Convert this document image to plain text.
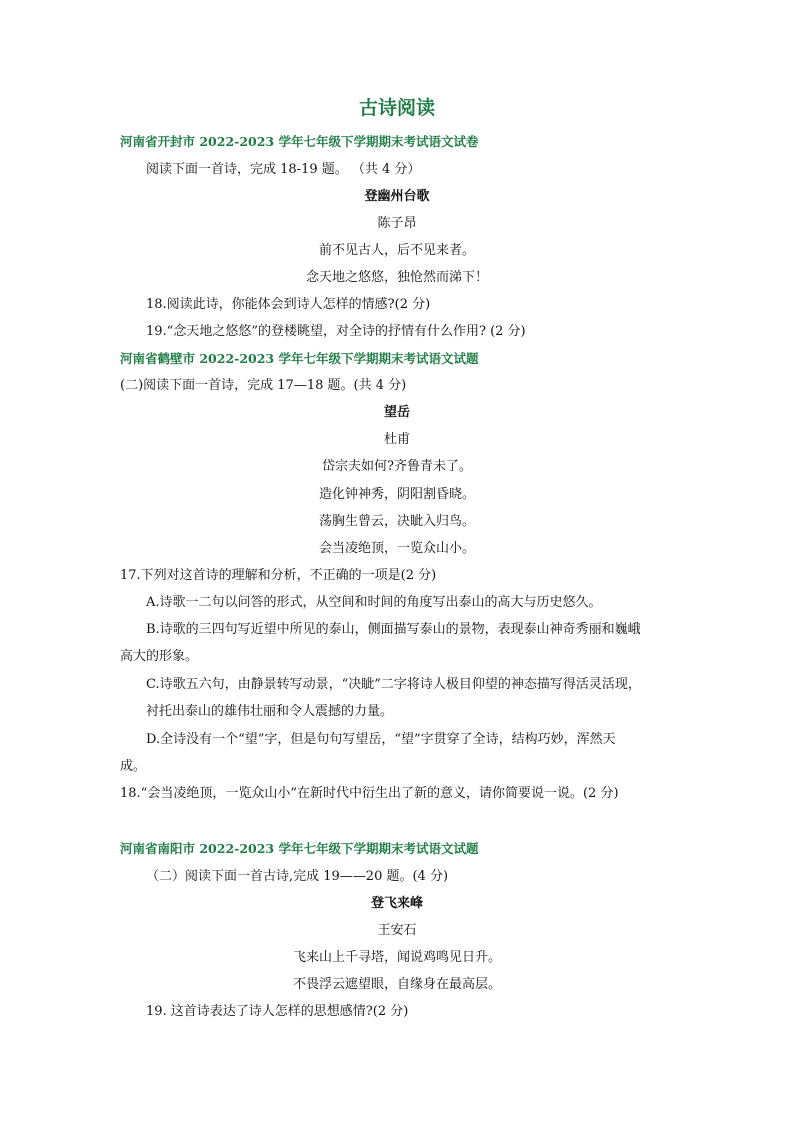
古诗阅读
河南省开封市 2022-2023 学年七年级下学期期末考试语文试卷
阅读下面一首诗，完成 18-19 题。 （共 4 分）
登幽州台歌
陈子昂
前不见古人，后不见来者。
念天地之悠悠，独怆然而涕下！
18.阅读此诗，你能体会到诗人怎样的情感?(2 分)
19.“念天地之悠悠”的登楼眺望，对全诗的抒情有什么作用? (2 分)
河南省鹤壁市 2022-2023 学年七年级下学期期末考试语文试题
(二)阅读下面一首诗，完成 17—18 题。(共 4 分)
望岳
杜甫
岱宗夫如何?齐鲁青未了。
造化钟神秀，阴阳割昏晓。
荡胸生曾云，决眦入归鸟。
会当凌绝顶，一览众山小。
17.下列对这首诗的理解和分析，不正确的一项是(2 分)
A.诗歌一二句以问答的形式，从空间和时间的角度写出泰山的高大与历史悠久。
B.诗歌的三四句写近望中所见的泰山，侧面描写泰山的景物，表现泰山神奇秀丽和巍峨
高大的形象。
C.诗歌五六句，由静景转写动景，“决眦”二字将诗人极目仰望的神态描写得活灵活现，
衬托出泰山的雄伟壮丽和令人震撼的力量。
D.全诗没有一个“望”字，但是句句写望岳，“望”字贯穿了全诗，结构巧妙，浑然天
成。
18.“会当凌绝顶，一览众山小”在新时代中衍生出了新的意义，请你简要说一说。(2 分)
河南省南阳市 2022-2023 学年七年级下学期期末考试语文试题
（二）阅读下面一首古诗,完成 19——20 题。(4 分)
登飞来峰
王安石
飞来山上千寻塔，闻说鸡鸣见日升。
不畏浮云遮望眼，自缘身在最高层。
19. 这首诗表达了诗人怎样的思想感情?(2 分)
